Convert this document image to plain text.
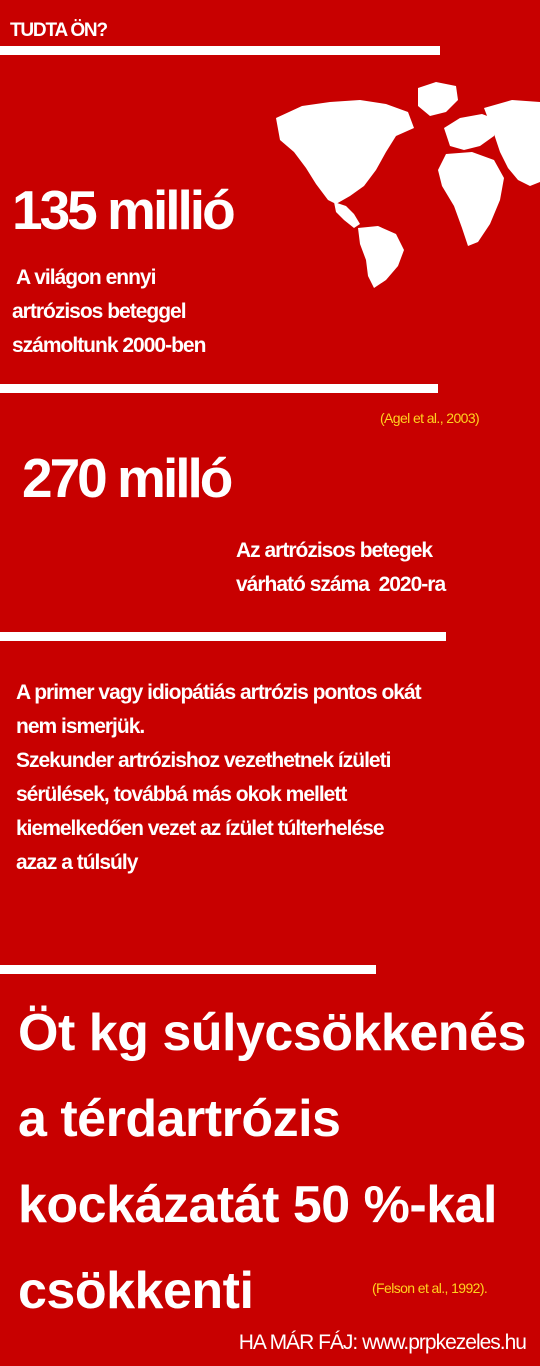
TUDTA ÖN?
135 millió
A világon ennyi
artrózisos beteggel
számoltunk 2000-ben
(Agel et al., 2003)
270 milló
Az artrózisos betegek
várható száma  2020-ra
A primer vagy idiopátiás artrózis pontos okát
nem ismerjük.
Szekunder artrózishoz vezethetnek ízületi
sérülések, továbbá más okok mellett
kiemelkedően vezet az ízület túlterhelése
azaz a túlsúly
Öt kg súlycsökkenés
a térdartrózis
kockázatát 50 %-kal
csökkenti	(Felson et al., 1992).
HA MÁR FÁJ: www.prpkezeles.hu
